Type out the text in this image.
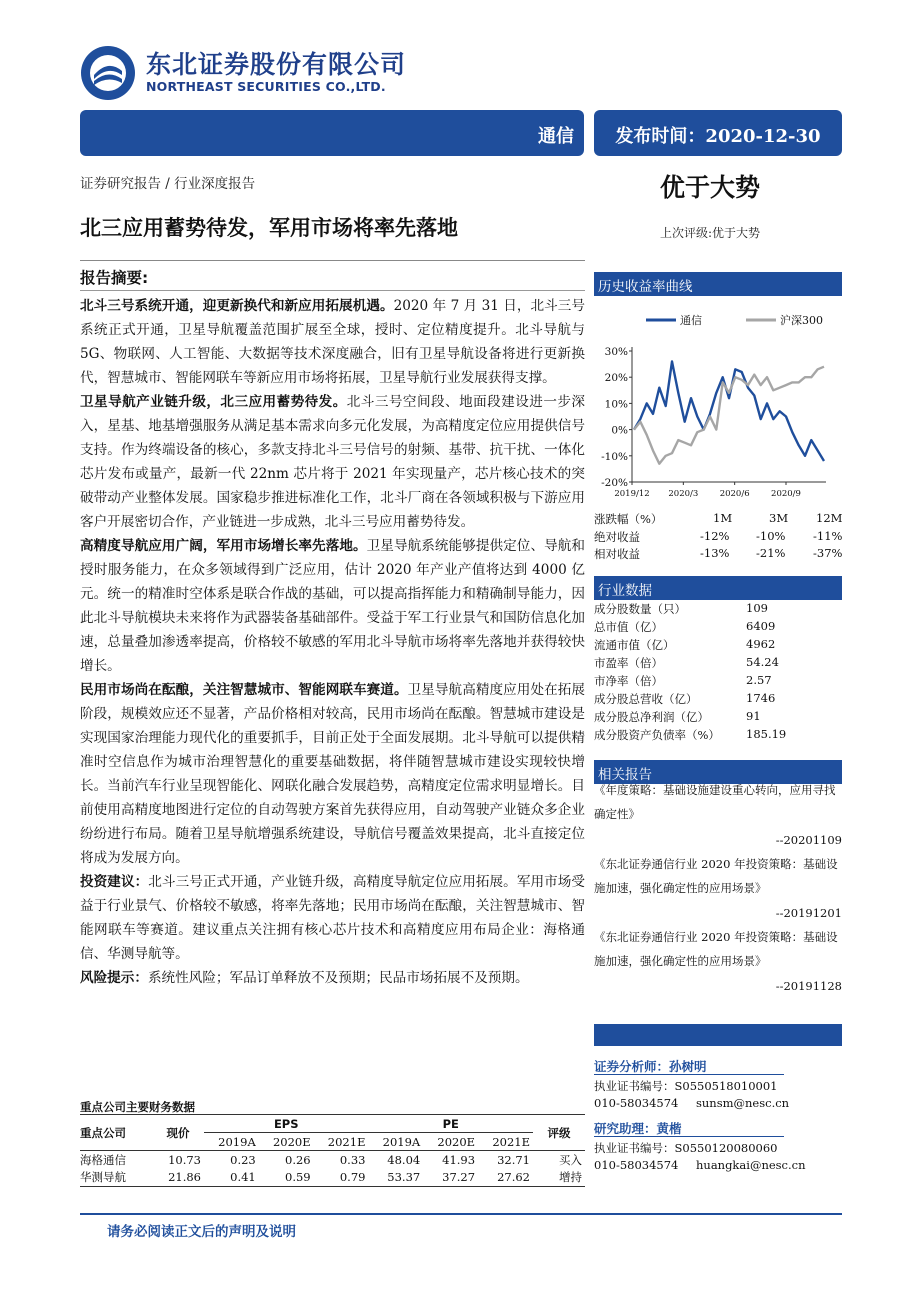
东北证券股份有限公司
NORTHEAST SECURITIES CO.,LTD.
通信	发布时间：2020-12-30
证券研究报告 / 行业深度报告	优于大势
北三应用蓄势待发，军用市场将率先落地	上次评级:优于大势
报告摘要:

北斗三号系统开通，迎更新换代和新应用拓展机遇。2020 年 7 月 31 日，北斗三号系统正式开通，卫星导航覆盖范围扩展至全球，授时、定位精度提升。北斗导航与 5G、物联网、人工智能、大数据等技术深度融合，旧有卫星导航设备将进行更新换代，智慧城市、智能网联车等新应用市场将拓展，卫星导航行业发展获得支撑。

卫星导航产业链升级，北三应用蓄势待发。北斗三号空间段、地面段建设进一步深入，星基、地基增强服务从满足基本需求向多元化发展，为高精度定位应用提供信号支持。作为终端设备的核心，多款支持北斗三号信号的射频、基带、抗干扰、一体化芯片发布或量产，最新一代 22nm 芯片将于 2021 年实现量产，芯片核心技术的突破带动产业整体发展。国家稳步推进标准化工作，北斗厂商在各领域积极与下游应用客户开展密切合作，产业链进一步成熟，北斗三号应用蓄势待发。

高精度导航应用广阔，军用市场增长率先落地。卫星导航系统能够提供定位、导航和授时服务能力，在众多领域得到广泛应用，估计 2020 年产业产值将达到 4000 亿元。统一的精准时空体系是联合作战的基础，可以提高指挥能力和精确制导能力，因此北斗导航模块未来将作为武器装备基础部件。受益于军工行业景气和国防信息化加速，总量叠加渗透率提高，价格较不敏感的军用北斗导航市场将率先落地并获得较快增长。

民用市场尚在酝酿，关注智慧城市、智能网联车赛道。卫星导航高精度应用处在拓展阶段，规模效应还不显著，产品价格相对较高，民用市场尚在酝酿。智慧城市建设是实现国家治理能力现代化的重要抓手，目前正处于全面发展期。北斗导航可以提供精准时空信息作为城市治理智慧化的重要基础数据，将伴随智慧城市建设实现较快增长。当前汽车行业呈现智能化、网联化融合发展趋势，高精度定位需求明显增长。目前使用高精度地图进行定位的自动驾驶方案首先获得应用，自动驾驶产业链众多企业纷纷进行布局。随着卫星导航增强系统建设，导航信号覆盖效果提高，北斗直接定位将成为发展方向。

投资建议：北斗三号正式开通，产业链升级，高精度导航定位应用拓展。军用市场受益于行业景气、价格较不敏感，将率先落地；民用市场尚在酝酿，关注智慧城市、智能网联车等赛道。建议重点关注拥有核心芯片技术和高精度应用布局企业：海格通信、华测导航等。

风险提示：系统性风险；军品订单释放不及预期；民品市场拓展不及预期。

历史收益率曲线
通信	沪深300
30%
20%
10%
0%
-10%
-20%
2019/12 2020/3	2020/6	2020/9
涨跌幅（%）	1M	3M 12M
绝对收益	-12% -10% -11%
相对收益	-13% -21% -37%
行业数据
成分股数量（只）	109
总市值（亿）	6409
流通市值（亿）	4962
市盈率（倍）	54.24
市净率（倍）	2.57
成分股总营收（亿）	1746
成分股总净利润（亿）	91
成分股资产负债率（%） 185.19
相关报告
《年度策略：基础设施建设重心转向，应用寻找确定性》
--20201109
《东北证券通信行业 2020 年投资策略：基础设施加速，强化确定性的应用场景》
--20191201
《东北证券通信行业 2020 年投资策略：基础设施加速，强化确定性的应用场景》
--20191128
证券分析师：孙树明
执业证书编号：S0550518010001
010-58034574 sunsm@nesc.cn
研究助理：黄楷
执业证书编号：S0550120080060
010-58034574 huangkai@nesc.cn
重点公司主要财务数据
重点公司	现价	EPS			PE			评级
		2019A	2020E	2021E	2019A	2020E	2021E	
海格通信	10.73	0.23	0.26	0.33	48.04	41.93	32.71	买入
华测导航	21.86	0.41	0.59	0.79	53.37	37.27	27.62	增持
请务必阅读正文后的声明及说明
